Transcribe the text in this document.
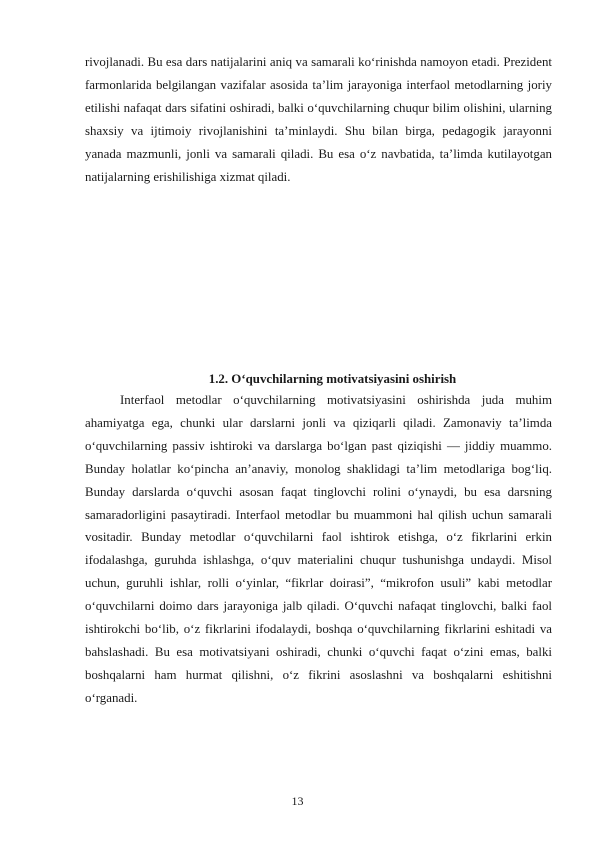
rivojlanadi. Bu esa dars natijalarini aniq va samarali ko‘rinishda namoyon etadi. Prezident farmonlarida belgilangan vazifalar asosida ta’lim jarayoniga interfaol metodlarning joriy etilishi nafaqat dars sifatini oshiradi, balki o‘quvchilarning chuqur bilim olishini, ularning shaxsiy va ijtimoiy rivojlanishini ta’minlaydi. Shu bilan birga, pedagogik jarayonni yanada mazmunli, jonli va samarali qiladi. Bu esa o‘z navbatida, ta’limda kutilayotgan natijalarning erishilishiga xizmat qiladi.

1.2. O‘quvchilarning motivatsiyasini oshirish

Interfaol metodlar o‘quvchilarning motivatsiyasini oshirishda juda muhim ahamiyatga ega, chunki ular darslarni jonli va qiziqarli qiladi. Zamonaviy ta’limda o‘quvchilarning passiv ishtiroki va darslarga bo‘lgan past qiziqishi — jiddiy muammo. Bunday holatlar ko‘pincha an’anaviy, monolog shaklidagi ta’lim metodlariga bog‘liq. Bunday darslarda o‘quvchi asosan faqat tinglovchi rolini o‘ynaydi, bu esa darsning samaradorligini pasaytiradi. Interfaol metodlar bu muammoni hal qilish uchun samarali vositadir. Bunday metodlar o‘quvchilarni faol ishtirok etishga, o‘z fikrlarini erkin ifodalashga, guruhda ishlashga, o‘quv materialini chuqur tushunishga undaydi. Misol uchun, guruhli ishlar, rolli o‘yinlar, “fikrlar doirasi”, “mikrofon usuli” kabi metodlar o‘quvchilarni doimo dars jarayoniga jalb qiladi. O‘quvchi nafaqat tinglovchi, balki faol ishtirokchi bo‘lib, o‘z fikrlarini ifodalaydi, boshqa o‘quvchilarning fikrlarini eshitadi va bahslashadi. Bu esa motivatsiyani oshiradi, chunki o‘quvchi faqat o‘zini emas, balki boshqalarni ham hurmat qilishni, o‘z fikrini asoslashni va boshqalarni eshitishni o‘rganadi.

13
